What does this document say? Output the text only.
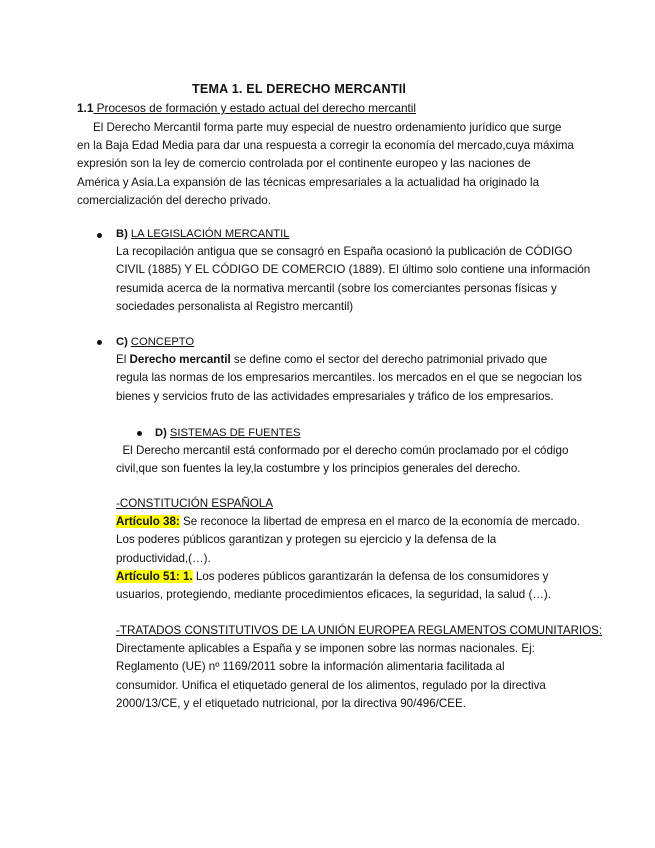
TEMA 1. EL DERECHO MERCANTIl
1.1 Procesos de formación y estado actual del derecho mercantil

El Derecho Mercantil forma parte muy especial de nuestro ordenamiento jurídico que surge

en la Baja Edad Media para dar una respuesta a corregir la economía del mercado,cuya máxima

expresión son la ley de comercio controlada por el continente europeo y las naciones de

América y Asia.La expansión de las técnicas empresariales a la actualidad ha originado la

comercialización del derecho privado.

B) LA LEGISLACIÓN MERCANTIL

La recopilación antigua que se consagró en España ocasionó la publicación de CÓDIGO

CIVIL (1885) Y EL CÓDIGO DE COMERCIO (1889). El último solo contiene una información

resumida acerca de la normativa mercantil (sobre los comerciantes personas físicas y

sociedades personalista al Registro mercantil)

C) CONCEPTO

El Derecho mercantil se define como el sector del derecho patrimonial privado que

regula las normas de los empresarios mercantiles. los mercados en el que se negocian los

bienes y servicios fruto de las actividades empresariales y tráfico de los empresarios.

D) SISTEMAS DE FUENTES

El Derecho mercantil está conformado por el derecho común proclamado por el código

civil,que son fuentes la ley,la costumbre y los principios generales del derecho.

-CONSTITUCIÓN ESPAÑOLA

Artículo 38: Se reconoce la libertad de empresa en el marco de la economía de mercado.

Los poderes públicos garantizan y protegen su ejercicio y la defensa de la

productividad,(…).

Artículo 51: 1. Los poderes públicos garantizarán la defensa de los consumidores y

usuarios, protegiendo, mediante procedimientos eficaces, la seguridad, la salud (…).

-TRATADOS CONSTITUTIVOS DE LA UNIÓN EUROPEA REGLAMENTOS COMUNITARIOS:

Directamente aplicables a España y se imponen sobre las normas nacionales. Ej:

Reglamento (UE) nº 1169/2011 sobre la información alimentaria facilitada al

consumidor. Unifica el etiquetado general de los alimentos, regulado por la directiva

2000/13/CE, y el etiquetado nutricional, por la directiva 90/496/CEE.
